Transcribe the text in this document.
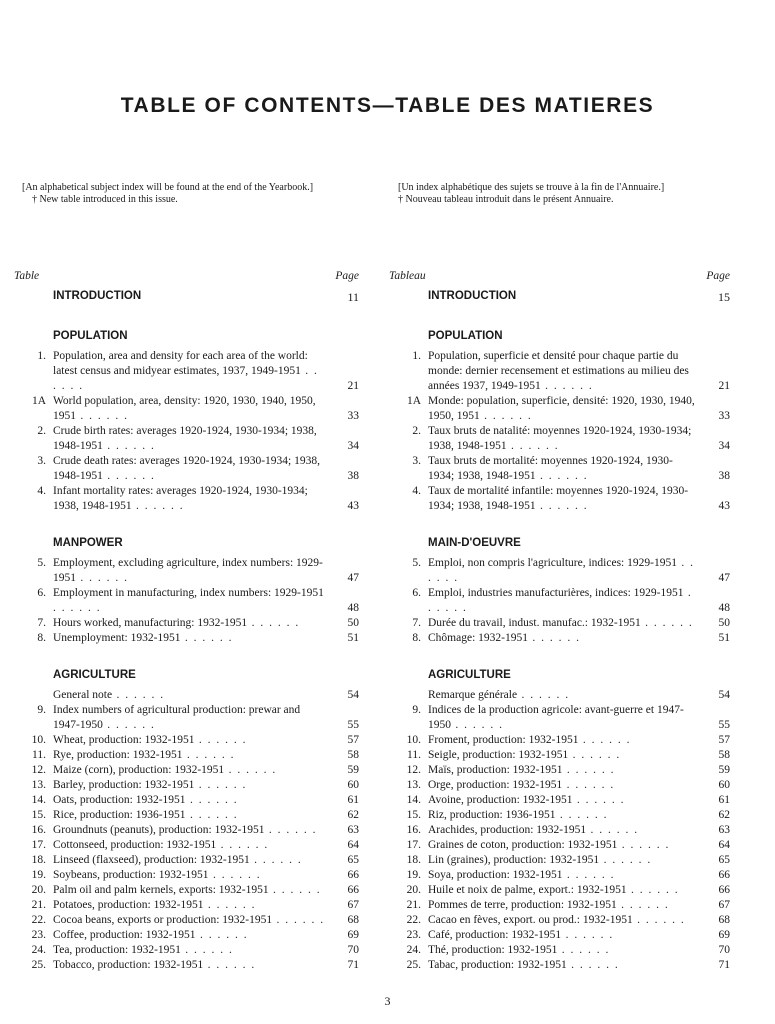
TABLE OF CONTENTS—TABLE DES MATIERES

[An alphabetical subject index will be found at the end of the Yearbook.]

† New table introduced in this issue.

[Un index alphabétique des sujets se trouve à la fin de l'Annuaire.]

† Nouveau tableau introduit dans le présent Annuaire.

Table	Page
INTRODUCTION	11
POPULATION
1. Population, area and density for each area of the world: latest census and midyear estimates, 1937, 1949-1951 . . . . . .	21
1A World population, area, density: 1920, 1930, 1940, 1950, 1951 . . . . . .	33
2. Crude birth rates: averages 1920-1924, 1930-1934; 1938, 1948-1951 . . . . . .	34
3. Crude death rates: averages 1920-1924, 1930-1934; 1938, 1948-1951 . . . . . .	38
4. Infant mortality rates: averages 1920-1924, 1930-1934; 1938, 1948-1951 . . . . . .	43
MANPOWER
5. Employment, excluding agriculture, index numbers: 1929-1951 . . . . . .	47
6. Employment in manufacturing, index numbers: 1929-1951 . . . . . .	48
7. Hours worked, manufacturing: 1932-1951 . . . . . .	50
8. Unemployment: 1932-1951 . . . . . .	51
AGRICULTURE
General note . . . . . .	54
9. Index numbers of agricultural production: prewar and 1947-1950 . . . . . .	55
10. Wheat, production: 1932-1951 . . . . . .	57
11. Rye, production: 1932-1951 . . . . . .	58
12. Maize (corn), production: 1932-1951 . . . . . .	59
13. Barley, production: 1932-1951 . . . . . .	60
14. Oats, production: 1932-1951 . . . . . .	61
15. Rice, production: 1936-1951 . . . . . .	62
16. Groundnuts (peanuts), production: 1932-1951 . . . . . .	63
17. Cottonseed, production: 1932-1951 . . . . . .	64
18. Linseed (flaxseed), production: 1932-1951 . . . . . .	65
19. Soybeans, production: 1932-1951 . . . . . .	66
20. Palm oil and palm kernels, exports: 1932-1951 . . . . . .	66
21. Potatoes, production: 1932-1951 . . . . . .	67
22. Cocoa beans, exports or production: 1932-1951 . . . . . .	68
23. Coffee, production: 1932-1951 . . . . . .	69
24. Tea, production: 1932-1951 . . . . . .	70
25. Tobacco, production: 1932-1951 . . . . . .	71
Tableau	Page
INTRODUCTION	15
POPULATION
1. Population, superficie et densité pour chaque partie du monde: dernier recensement et estimations au milieu des années 1937, 1949-1951 . . . . . .	21
1A Monde: population, superficie, densité: 1920, 1930, 1940, 1950, 1951 . . . . . .	33
2. Taux bruts de natalité: moyennes 1920-1924, 1930-1934; 1938, 1948-1951 . . . . . .	34
3. Taux bruts de mortalité: moyennes 1920-1924, 1930-1934; 1938, 1948-1951 . . . . . .	38
4. Taux de mortalité infantile: moyennes 1920-1924, 1930-1934; 1938, 1948-1951 . . . . . .	43
MAIN-D'OEUVRE
5. Emploi, non compris l'agriculture, indices: 1929-1951 . . . . . .	47
6. Emploi, industries manufacturières, indices: 1929-1951 . . . . . .	48
7. Durée du travail, indust. manufac.: 1932-1951 . . . . . .	50
8. Chômage: 1932-1951 . . . . . .	51
AGRICULTURE
Remarque générale . . . . . .	54
9. Indices de la production agricole: avant-guerre et 1947-1950 . . . . . .	55
10. Froment, production: 1932-1951 . . . . . .	57
11. Seigle, production: 1932-1951 . . . . . .	58
12. Maïs, production: 1932-1951 . . . . . .	59
13. Orge, production: 1932-1951 . . . . . .	60
14. Avoine, production: 1932-1951 . . . . . .	61
15. Riz, production: 1936-1951 . . . . . .	62
16. Arachides, production: 1932-1951 . . . . . .	63
17. Graines de coton, production: 1932-1951 . . . . . .	64
18. Lin (graines), production: 1932-1951 . . . . . .	65
19. Soya, production: 1932-1951 . . . . . .	66
20. Huile et noix de palme, export.: 1932-1951 . . . . . .	66
21. Pommes de terre, production: 1932-1951 . . . . . .	67
22. Cacao en fèves, export. ou prod.: 1932-1951 . . . . . .	68
23. Café, production: 1932-1951 . . . . . .	69
24. Thé, production: 1932-1951 . . . . . .	70
25. Tabac, production: 1932-1951 . . . . . .	71
3
